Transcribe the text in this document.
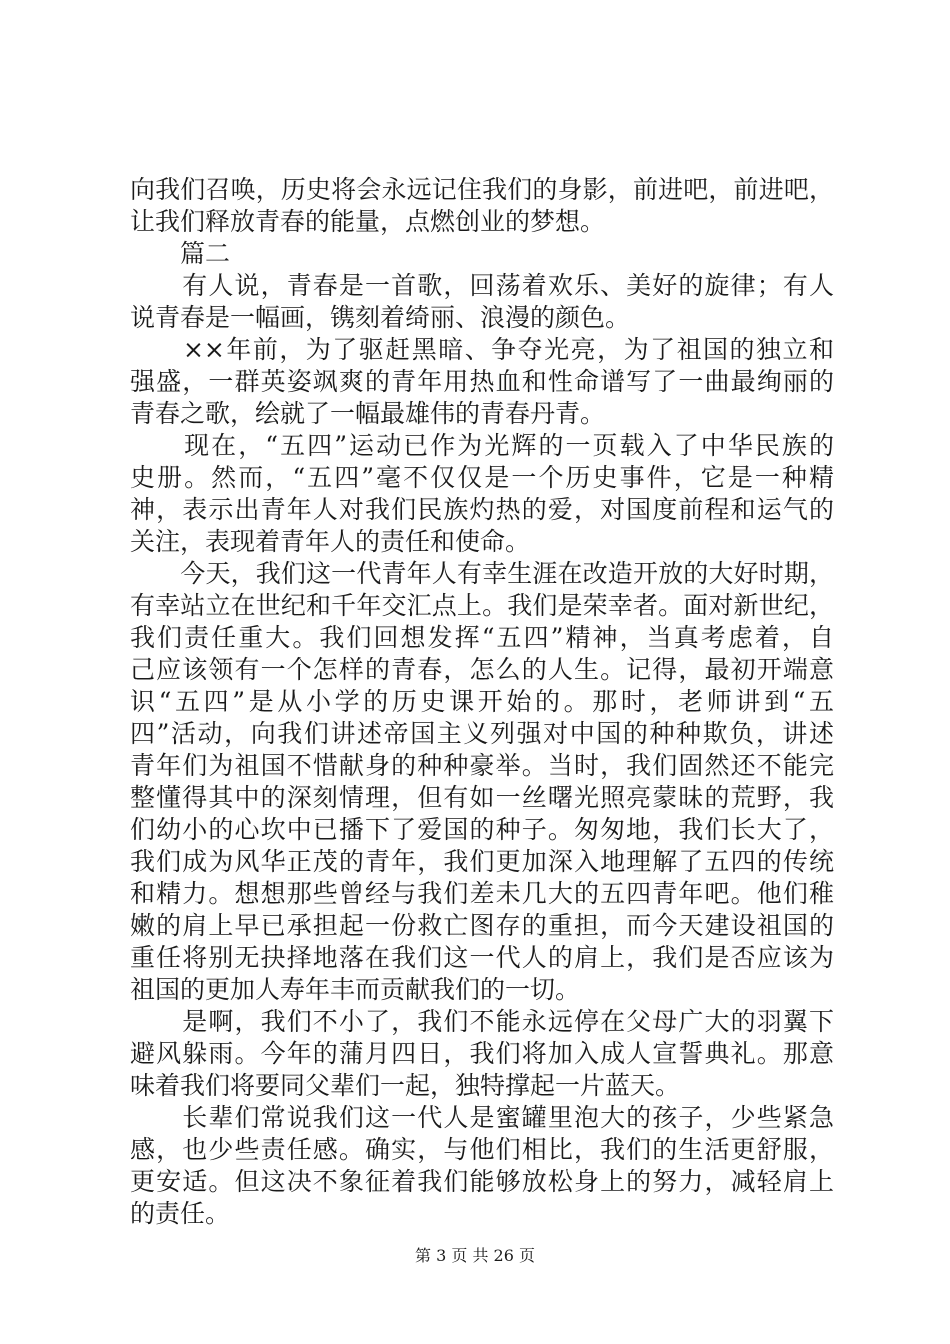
向我们召唤，历史将会永远记住我们的身影，前进吧，前进吧，
让我们释放青春的能量，点燃创业的梦想。
　　篇二
　　有人说，青春是一首歌，回荡着欢乐、美好的旋律；有人
说青春是一幅画，镌刻着绮丽、浪漫的颜色。
　　××年前，为了驱赶黑暗、争夺光亮，为了祖国的独立和
强盛，一群英姿飒爽的青年用热血和性命谱写了一曲最绚丽的
青春之歌，绘就了一幅最雄伟的青春丹青。
　　现在，“五四”运动已作为光辉的一页载入了中华民族的
史册。然而，“五四”毫不仅仅是一个历史事件，它是一种精
神，表示出青年人对我们民族灼热的爱，对国度前程和运气的
关注，表现着青年人的责任和使命。
　　今天，我们这一代青年人有幸生涯在改造开放的大好时期，
有幸站立在世纪和千年交汇点上。我们是荣幸者。面对新世纪，
我们责任重大。我们回想发挥“五四”精神，当真考虑着，自
己应该领有一个怎样的青春，怎么的人生。记得，最初开端意
识“五四”是从小学的历史课开始的。那时，老师讲到“五
四”活动，向我们讲述帝国主义列强对中国的种种欺负，讲述
青年们为祖国不惜献身的种种豪举。当时，我们固然还不能完
整懂得其中的深刻情理，但有如一丝曙光照亮蒙昧的荒野，我
们幼小的心坎中已播下了爱国的种子。匆匆地，我们长大了，
我们成为风华正茂的青年，我们更加深入地理解了五四的传统
和精力。想想那些曾经与我们差未几大的五四青年吧。他们稚
嫩的肩上早已承担起一份救亡图存的重担，而今天建设祖国的
重任将别无抉择地落在我们这一代人的肩上，我们是否应该为
祖国的更加人寿年丰而贡献我们的一切。
　　是啊，我们不小了，我们不能永远停在父母广大的羽翼下
避风躲雨。今年的蒲月四日，我们将加入成人宣誓典礼。那意
味着我们将要同父辈们一起，独特撑起一片蓝天。
　　长辈们常说我们这一代人是蜜罐里泡大的孩子，少些紧急
感，也少些责任感。确实，与他们相比，我们的生活更舒服，
更安适。但这决不象征着我们能够放松身上的努力，减轻肩上
的责任。
第 3 页 共 26 页
